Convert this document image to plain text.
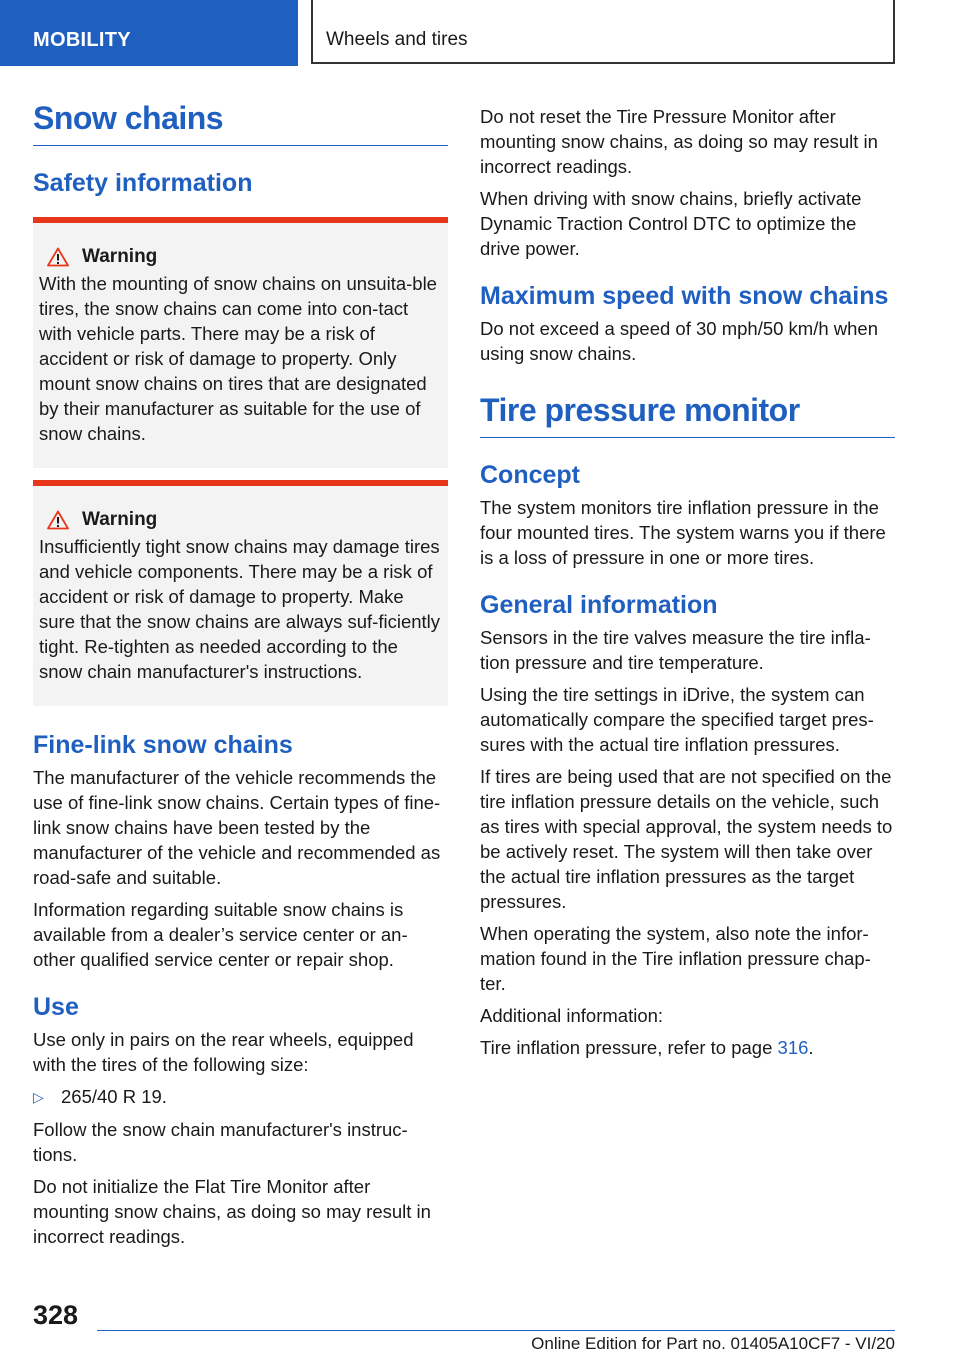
MOBILITY	Wheels and tires
Snow chains
Safety information
Warning

With the mounting of snow chains on unsuita-ble tires, the snow chains can come into con-tact with vehicle parts. There may be a risk of accident or risk of damage to property. Only mount snow chains on tires that are designated by their manufacturer as suitable for the use of snow chains.

Warning

Insufficiently tight snow chains may damage tires and vehicle components. There may be a risk of accident or risk of damage to property. Make sure that the snow chains are always suf-ficiently tight. Re-tighten as needed according to the snow chain manufacturer's instructions.

Fine-link snow chains

The manufacturer of the vehicle recommends the use of fine-link snow chains. Certain types of fine-link snow chains have been tested by the manufacturer of the vehicle and recommended as road-safe and suitable.

Information regarding suitable snow chains is available from a dealer’s service center or an-other qualified service center or repair shop.

Use

Use only in pairs on the rear wheels, equipped with the tires of the following size:

▷ 265/40 R 19.

Follow the snow chain manufacturer's instruc-tions.

Do not initialize the Flat Tire Monitor after mounting snow chains, as doing so may result in incorrect readings.

Do not reset the Tire Pressure Monitor after mounting snow chains, as doing so may result in incorrect readings.

When driving with snow chains, briefly activate Dynamic Traction Control DTC to optimize the drive power.

Maximum speed with snow chains

Do not exceed a speed of 30 mph/50 km/h when using snow chains.

Tire pressure monitor
Concept

The system monitors tire inflation pressure in the four mounted tires. The system warns you if there is a loss of pressure in one or more tires.

General information

Sensors in the tire valves measure the tire infla-tion pressure and tire temperature.

Using the tire settings in iDrive, the system can automatically compare the specified target pres-sures with the actual tire inflation pressures.

If tires are being used that are not specified on the tire inflation pressure details on the vehicle, such as tires with special approval, the system needs to be actively reset. The system will then take over the actual tire inflation pressures as the target pressures.

When operating the system, also note the infor-mation found in the Tire inflation pressure chap-ter.

Additional information:

Tire inflation pressure, refer to page 316.

328
Online Edition for Part no. 01405A10CF7 - VI/20
